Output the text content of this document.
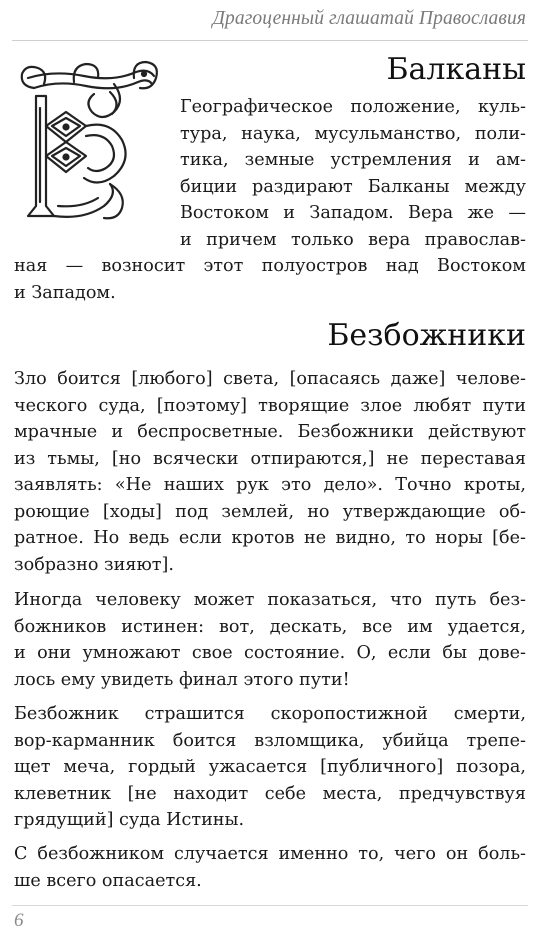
Драгоценный глашатай Православия
Балканы
Географическое положение, куль-
тура, наука, мусульманство, поли-
тика, земные устремления и ам-
биции раздирают Балканы между
Востоком и Западом. Вера же —
и причем только вера православ-
ная — возносит этот полуостров над Востоком
и Западом.
Безбожники
Зло боится [любого] света, [опасаясь даже] челове-
ческого суда, [поэтому] творящие злое любят пути
мрачные и беспросветные. Безбожники действуют
из тьмы, [но всячески отпираются,] не переставая
заявлять: «Не наших рук это дело». Точно кроты,
роющие [ходы] под землей, но утверждающие об-
ратное. Но ведь если кротов не видно, то норы [бе-
зобразно зияют].
Иногда человеку может показаться, что путь без-
божников истинен: вот, дескать, все им удается,
и они умножают свое состояние. О, если бы дове-
лось ему увидеть финал этого пути!
Безбожник страшится скоропостижной смерти,
вор-карманник боится взломщика, убийца трепе-
щет меча, гордый ужасается [публичного] позора,
клеветник [не находит себе места, предчувствуя
грядущий] суда Истины.
С безбожником случается именно то, чего он боль-
ше всего опасается.
6
